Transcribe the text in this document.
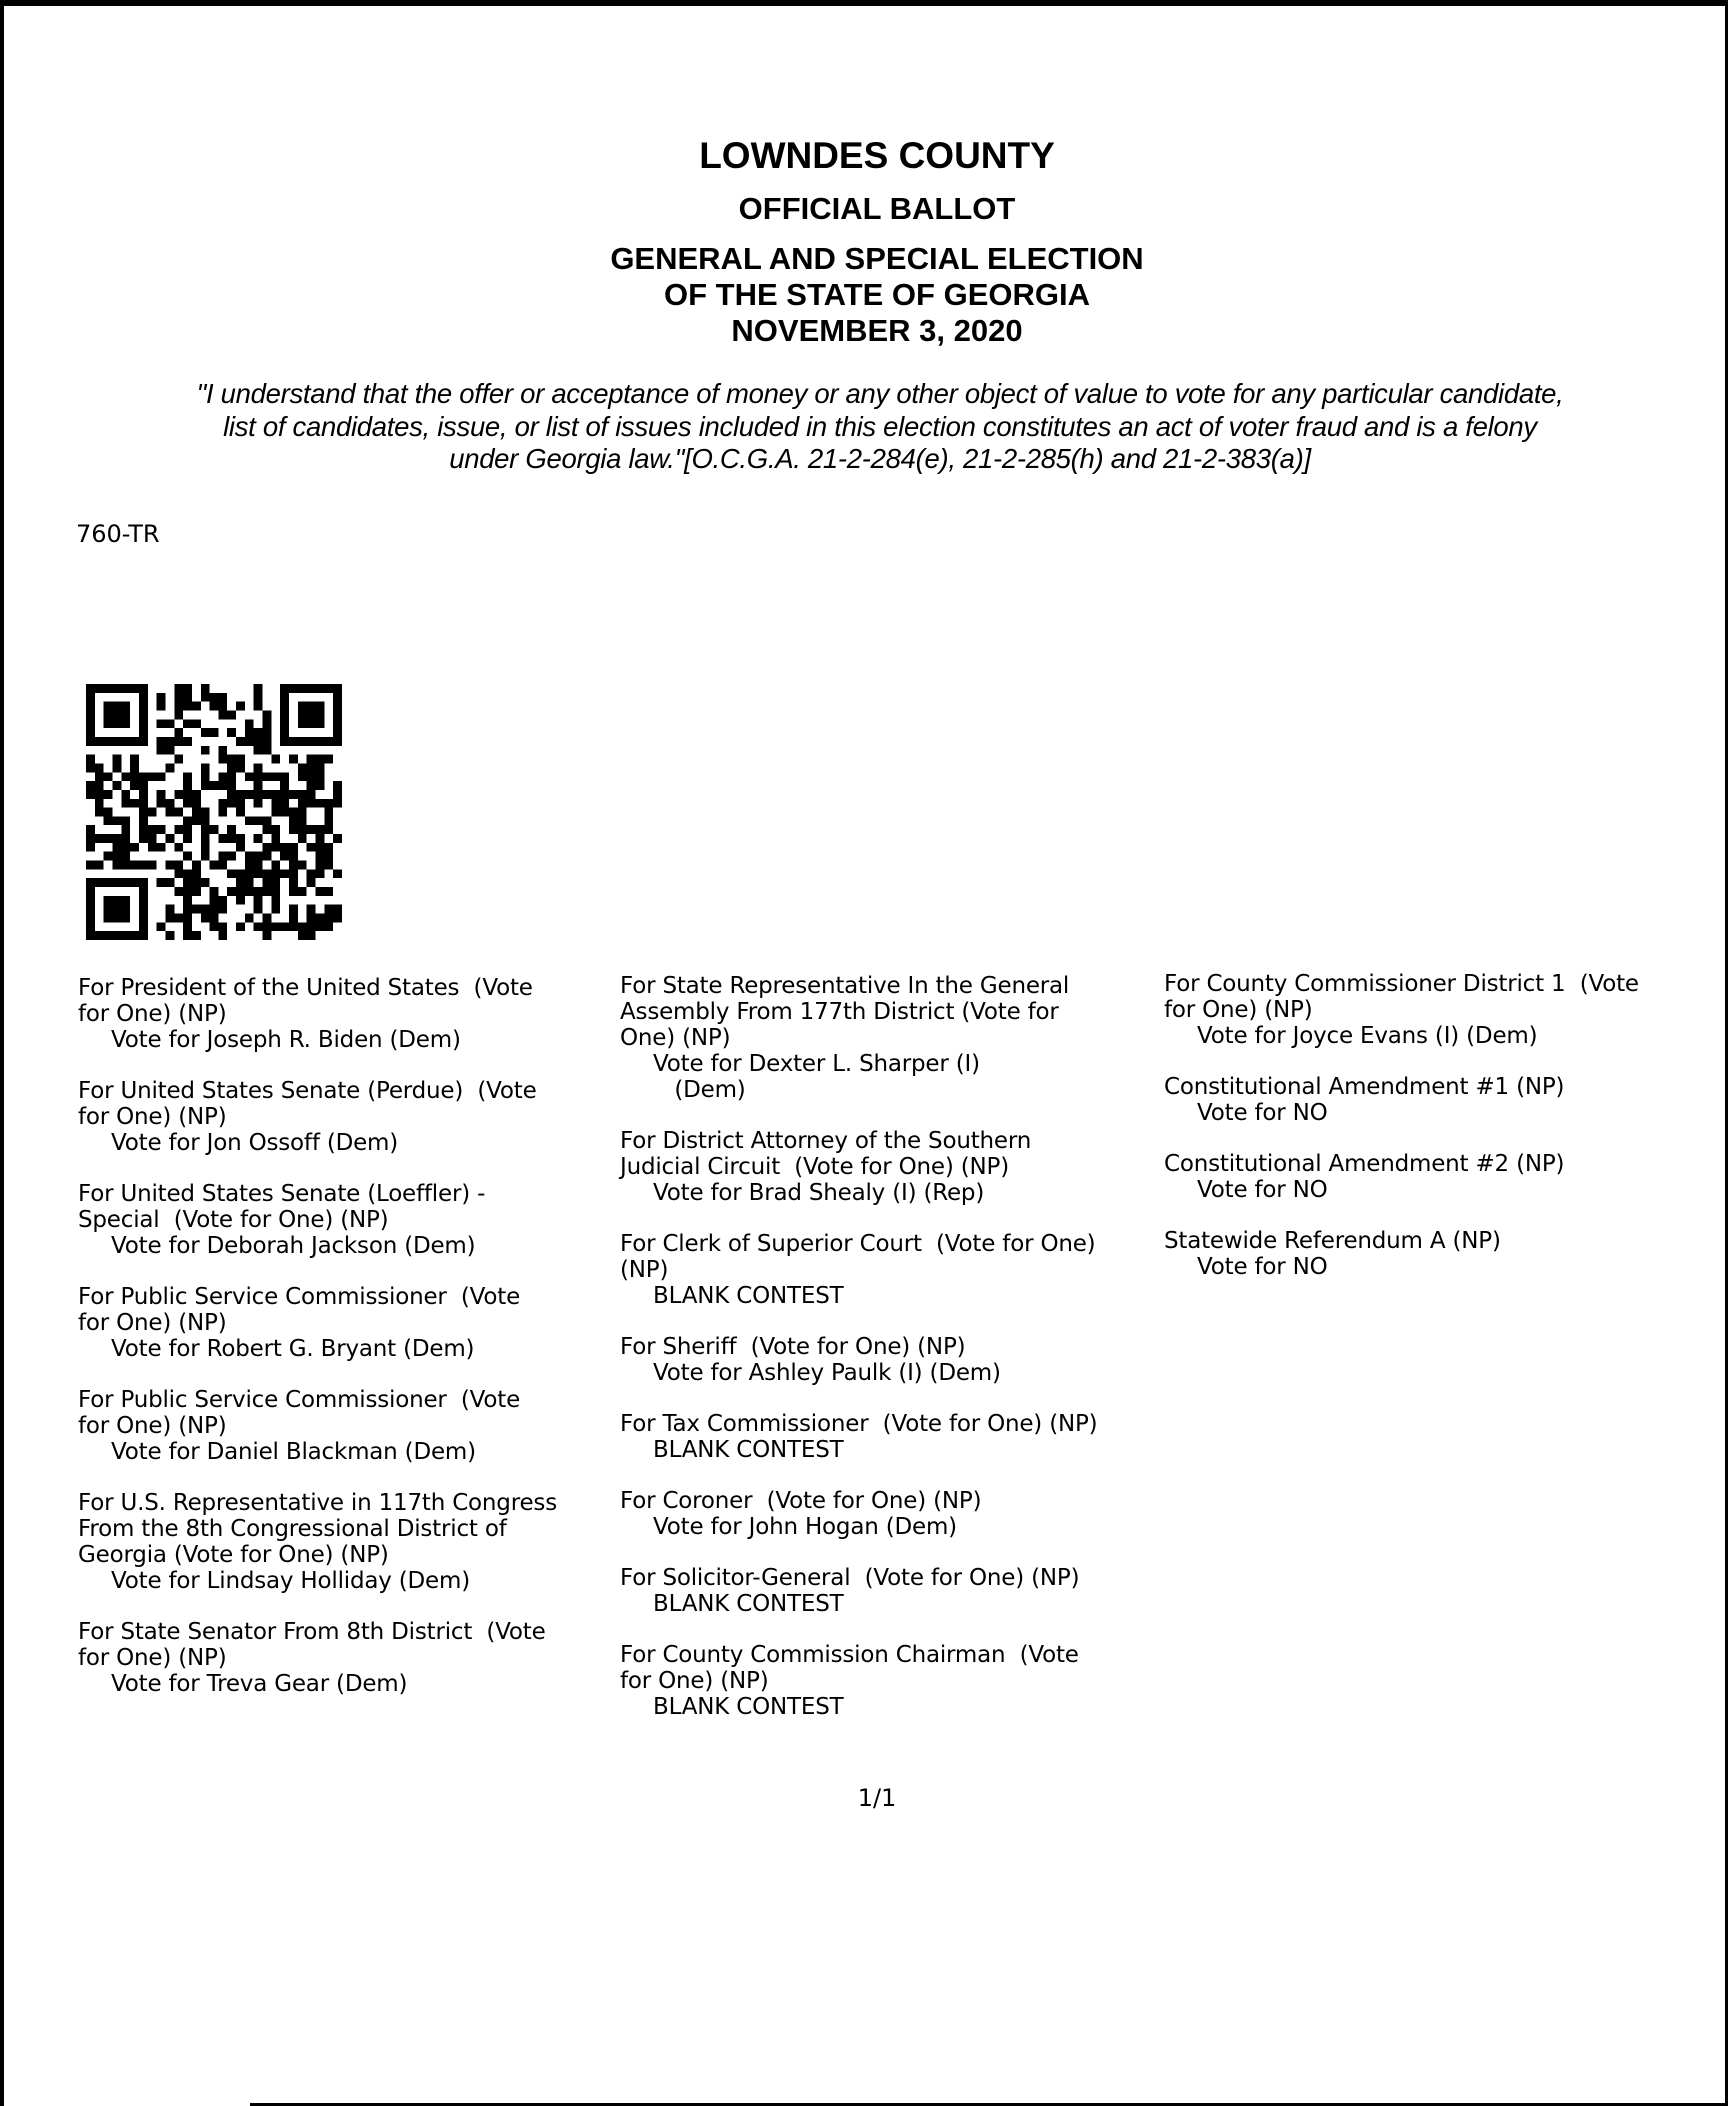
LOWNDES COUNTY
OFFICIAL BALLOT
GENERAL AND SPECIAL ELECTION
OF THE STATE OF GEORGIA
NOVEMBER 3, 2020
"I understand that the offer or acceptance of money or any other object of value to vote for any particular candidate,
list of candidates, issue, or list of issues included in this election constitutes an act of voter fraud and is a felony
under Georgia law."[O.C.G.A. 21-2-284(e), 21-2-285(h) and 21-2-383(a)]
760-TR
For President of the United States  (Vote
for One) (NP)
Vote for Joseph R. Biden (Dem)
For United States Senate (Perdue)  (Vote
for One) (NP)
Vote for Jon Ossoff (Dem)
For United States Senate (Loeffler) -
Special  (Vote for One) (NP)
Vote for Deborah Jackson (Dem)
For Public Service Commissioner  (Vote
for One) (NP)
Vote for Robert G. Bryant (Dem)
For Public Service Commissioner  (Vote
for One) (NP)
Vote for Daniel Blackman (Dem)
For U.S. Representative in 117th Congress
From the 8th Congressional District of
Georgia (Vote for One) (NP)
Vote for Lindsay Holliday (Dem)
For State Senator From 8th District  (Vote
for One) (NP)
Vote for Treva Gear (Dem)
For State Representative In the General
Assembly From 177th District (Vote for
One) (NP)
Vote for Dexter L. Sharper (I)
(Dem)
For District Attorney of the Southern
Judicial Circuit  (Vote for One) (NP)
Vote for Brad Shealy (I) (Rep)
For Clerk of Superior Court  (Vote for One)
(NP)
BLANK CONTEST
For Sheriff  (Vote for One) (NP)
Vote for Ashley Paulk (I) (Dem)
For Tax Commissioner  (Vote for One) (NP)
BLANK CONTEST
For Coroner  (Vote for One) (NP)
Vote for John Hogan (Dem)
For Solicitor-General  (Vote for One) (NP)
BLANK CONTEST
For County Commission Chairman  (Vote
for One) (NP)
BLANK CONTEST
For County Commissioner District 1  (Vote
for One) (NP)
Vote for Joyce Evans (I) (Dem)
Constitutional Amendment #1 (NP)
Vote for NO
Constitutional Amendment #2 (NP)
Vote for NO
Statewide Referendum A (NP)
Vote for NO
1/1
